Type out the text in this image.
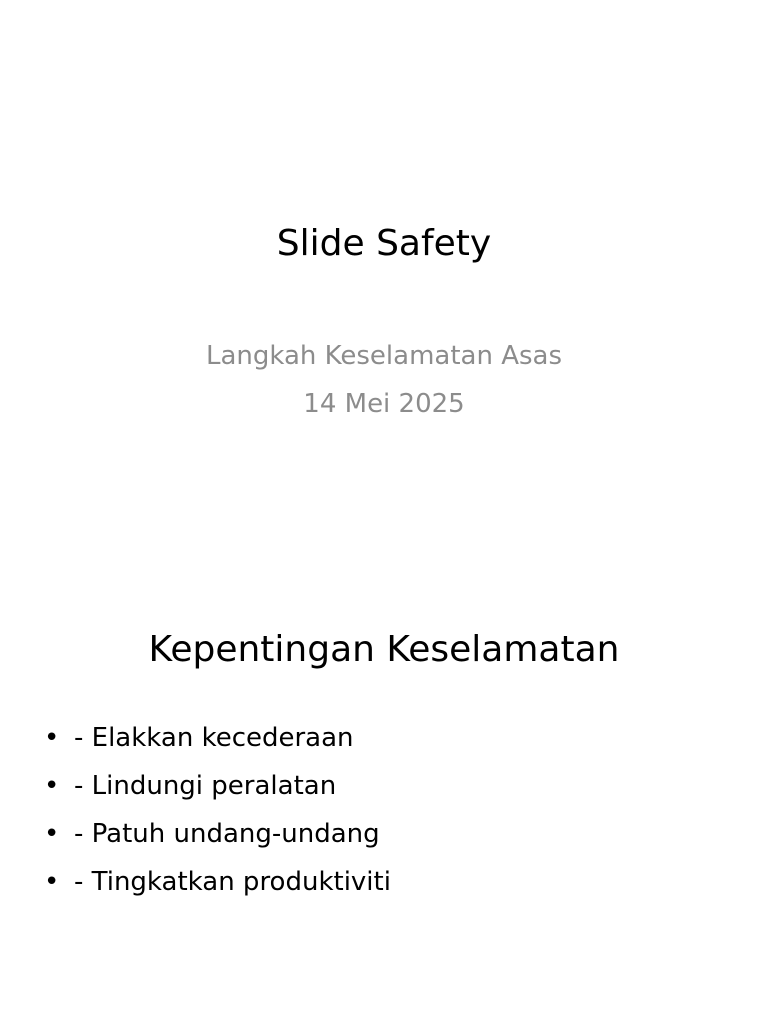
Slide Safety
Langkah Keselamatan Asas
14 Mei 2025
Kepentingan Keselamatan
• - Elakkan kecederaan
• - Lindungi peralatan
• - Patuh undang-undang
• - Tingkatkan produktiviti
